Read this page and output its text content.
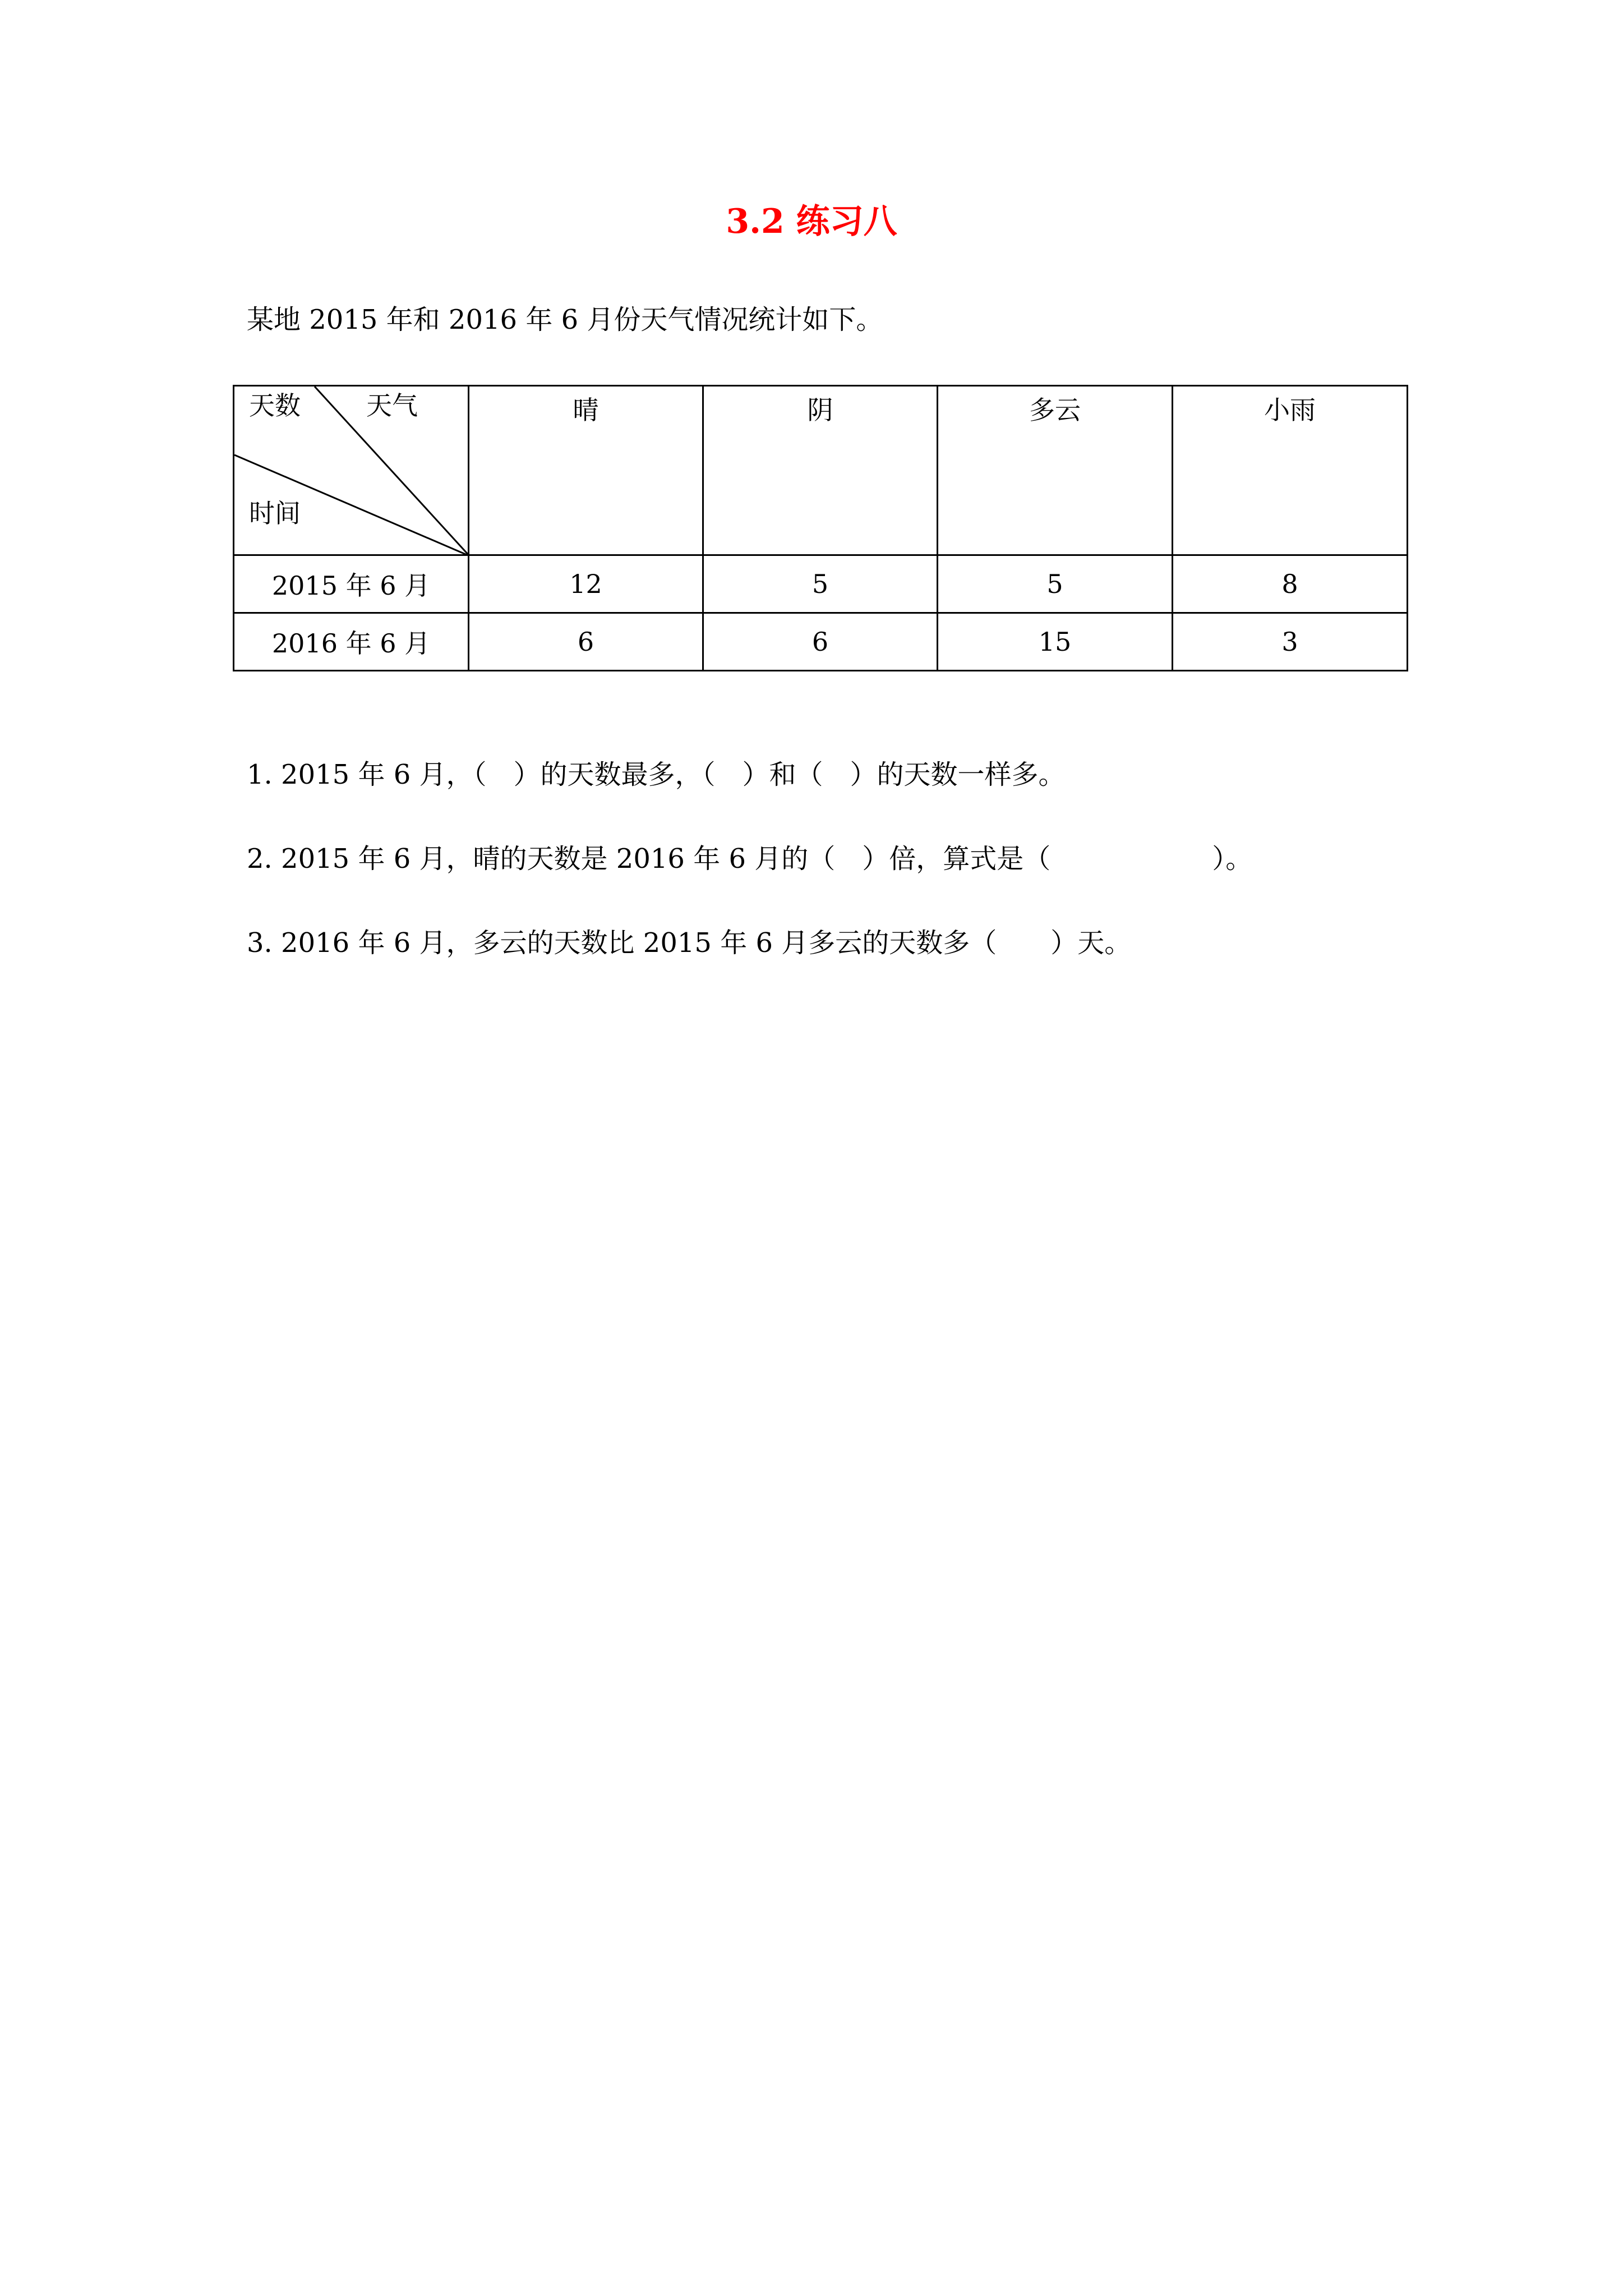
3.2 练习八
某地 2015 年和 2016 年 6 月份天气情况统计如下。
天数 天气
时间	晴	阴	多云	小雨
2015 年 6 月	12	5	5	8
2016 年 6 月	6	6	15	3
1. 2015 年 6 月，（　）的天数最多，（　）和（　）的天数一样多。
2. 2015 年 6 月，晴的天数是 2016 年 6 月的（　）倍，算式是（　　　　　　）。
3. 2016 年 6 月，多云的天数比 2015 年 6 月多云的天数多（　　）天。
